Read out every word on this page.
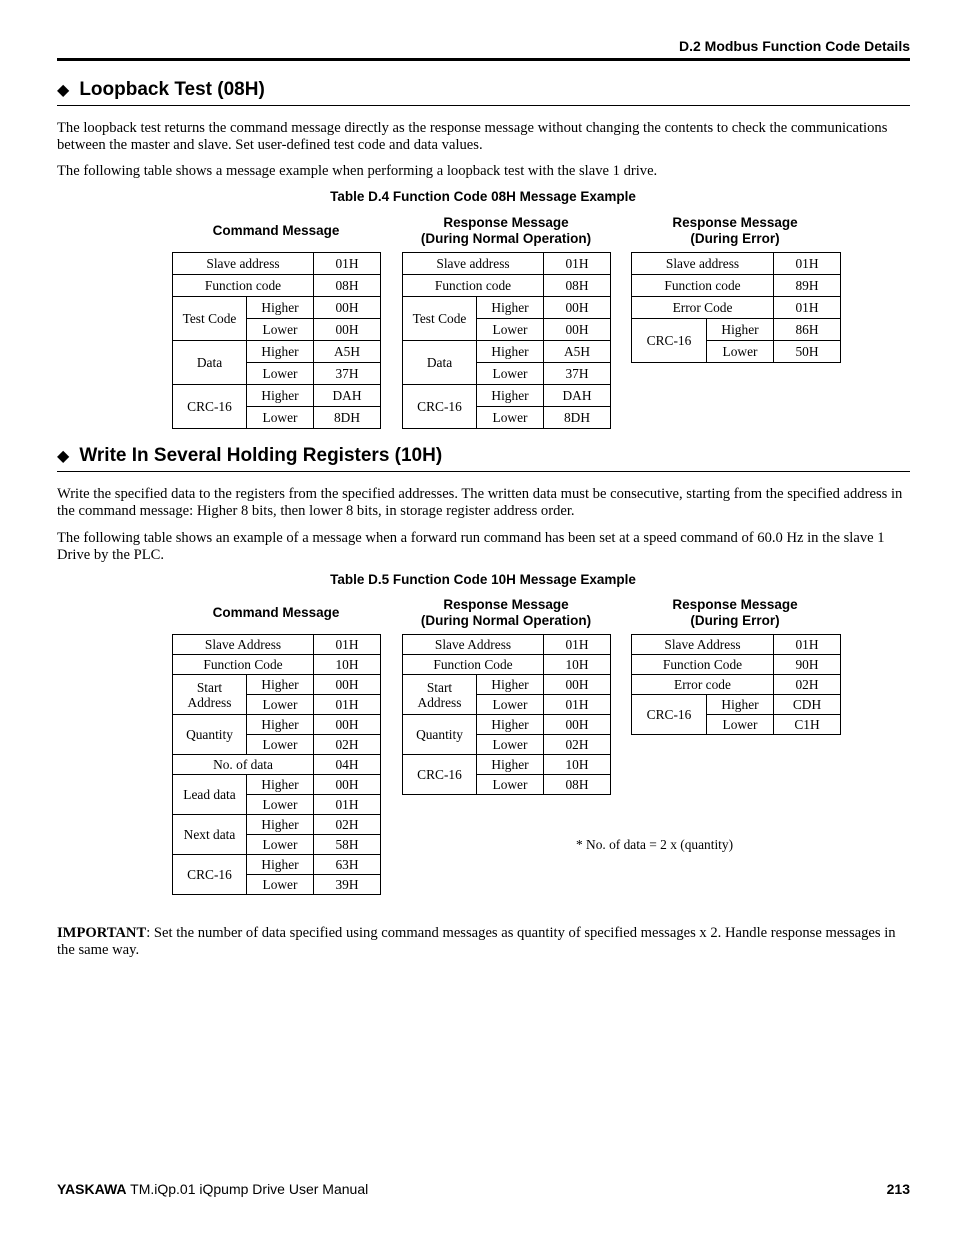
D.2 Modbus Function Code Details
◆ Loopback Test (08H)

The loopback test returns the command message directly as the response message without changing the contents to check the communications between the master and slave. Set user-defined test code and data values.

The following table shows a message example when performing a loopback test with the slave 1 drive.

Table D.4 Function Code 08H Message Example
Command Message
Response Message
(During Normal Operation)
Response Message
(During Error)
Slave address		01H
Function code		08H
Test Code	Higher	00H
	Lower	00H
Data	Higher	A5H
	Lower	37H
CRC-16	Higher	DAH
	Lower	8DH
Slave address		01H
Function code		08H
Test Code	Higher	00H
	Lower	00H
Data	Higher	A5H
	Lower	37H
CRC-16	Higher	DAH
	Lower	8DH
Slave address		01H
Function code		89H
Error Code		01H
CRC-16	Higher	86H
	Lower	50H
◆ Write In Several Holding Registers (10H)

Write the specified data to the registers from the specified addresses. The written data must be consecutive, starting from the specified address in the command message: Higher 8 bits, then lower 8 bits, in storage register address order.

The following table shows an example of a message when a forward run command has been set at a speed command of 60.0 Hz in the slave 1 Drive by the PLC.

Table D.5 Function Code 10H Message Example
Command Message
Response Message
(During Normal Operation)
Response Message
(During Error)
Slave Address		01H
Function Code		10H

Start
Address	Higher	00H
	Lower	01H
Quantity	Higher	00H
	Lower	02H
No. of data		04H
Lead data	Higher	00H
	Lower	01H
Next data	Higher	02H
	Lower	58H
CRC-16	Higher	63H
	Lower	39H
Slave Address		01H
Function Code		10H

Start
Address	Higher	00H
	Lower	01H
Quantity	Higher	00H
	Lower	02H
CRC-16	Higher	10H
	Lower	08H
Slave Address		01H
Function Code		90H
Error code		02H
CRC-16	Higher	CDH
	Lower	C1H
* No. of data = 2 x (quantity)

IMPORTANT: Set the number of data specified using command messages as quantity of specified messages x 2. Handle response messages in the same way.

YASKAWA TM.iQp.01 iQpump Drive User Manual	213
